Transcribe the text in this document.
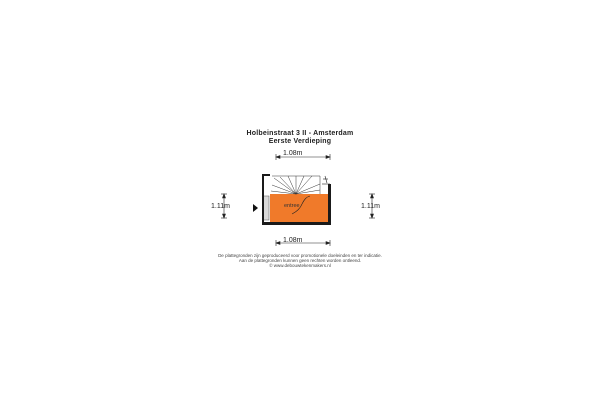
Holbeinstraat 3 II - Amsterdam
Eerste Verdieping
1.08m
1.08m
1.11m	1.11m
entree
De plattegronden zijn geproduceerd voor promotionele doeleinden en ter indicatie.
Aan de plattegronden kunnen geen rechten worden ontleend.
© www.debouwtekenmakers.nl
